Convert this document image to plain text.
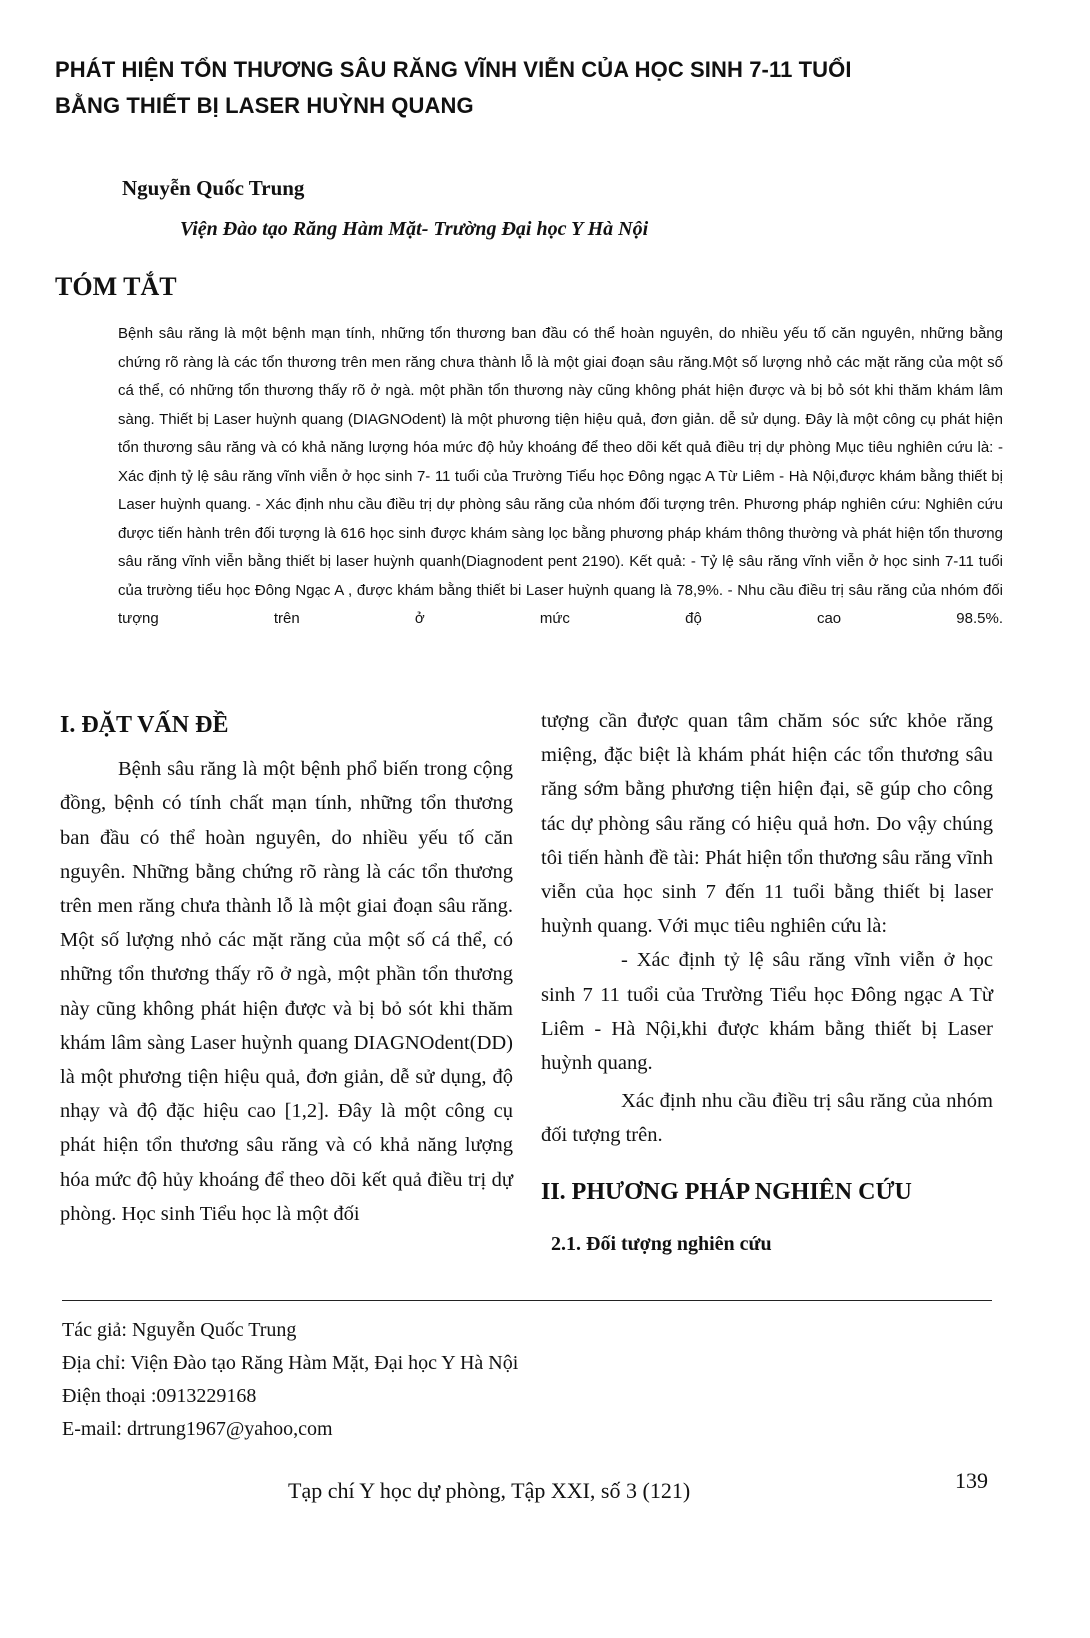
PHÁT HIỆN TỔN THƯƠNG SÂU RĂNG VĨNH VIỄN CỦA HỌC SINH 7-11 TUỔI
BẰNG THIẾT BỊ LASER HUỲNH QUANG

Nguyễn Quốc Trung

Viện Đào tạo Răng Hàm Mặt- Trường Đại học Y Hà Nội

TÓM TẮT

Bệnh sâu răng là một bệnh mạn tính, những tổn thương ban đầu có thể hoàn nguyên, do nhiều yếu tố căn nguyên, những bằng chứng rõ ràng là các tổn thương trên men răng chưa thành lỗ là một giai đoạn sâu răng.Một số lượng nhỏ các mặt răng của một số cá thể, có những tổn thương thấy rõ ở ngà. một phần tổn thương này cũng không phát hiện được và bị bỏ sót khi thăm khám lâm sàng. Thiết bị Laser huỳnh quang (DIAGNOdent) là một phương tiện hiệu quả, đơn giản. dễ sử dụng. Đây là một công cụ phát hiện tổn thương sâu răng và có khả năng lượng hóa mức độ hủy khoáng để theo dõi kết quả điều trị dự phòng Mục tiêu nghiên cứu là: - Xác định tỷ lệ sâu răng vĩnh viễn ở học sinh 7- 11 tuổi của Trường Tiểu học Đông ngạc A Từ Liêm - Hà Nội,được khám bằng thiết bị Laser huỳnh quang. - Xác định nhu cầu điều trị dự phòng sâu răng của nhóm đối tượng trên. Phương pháp nghiên cứu: Nghiên cứu được tiến hành trên đối tượng là 616 học sinh được khám sàng lọc bằng phương pháp khám thông thường và phát hiện tổn thương sâu răng vĩnh viễn bằng thiết bị laser huỳnh quanh(Diagnodent pent 2190). Kết quả: - Tỷ lệ sâu răng vĩnh viễn ở học sinh 7-11 tuổi của trường tiểu học Đông Ngạc A , được khám bằng thiết bi Laser huỳnh quang là 78,9%. - Nhu cầu điều trị sâu răng của nhóm đối tượng trên ở mức độ cao 98.5%.

I. ĐẶT VẤN ĐỀ

Bệnh sâu răng là một bệnh phổ biến trong cộng đồng, bệnh có tính chất mạn tính, những tổn thương ban đầu có thể hoàn nguyên, do nhiều yếu tố căn nguyên. Những bằng chứng rõ ràng là các tổn thương trên men răng chưa thành lỗ là một giai đoạn sâu răng. Một số lượng nhỏ các mặt răng của một số cá thể, có những tổn thương thấy rõ ở ngà, một phần tổn thương này cũng không phát hiện được và bị bỏ sót khi thăm khám lâm sàng Laser huỳnh quang DIAGNOdent(DD) là một phương tiện hiệu quả, đơn giản, dễ sử dụng, độ nhạy và độ đặc hiệu cao [1,2]. Đây là một công cụ phát hiện tổn thương sâu răng và có khả năng lượng hóa mức độ hủy khoáng để theo dõi kết quả điều trị dự phòng. Học sinh Tiểu học là một đối

tượng cần được quan tâm chăm sóc sức khỏe răng miệng, đặc biệt là khám phát hiện các tổn thương sâu răng sớm bằng phương tiện hiện đại, sẽ gúp cho công tác dự phòng sâu răng có hiệu quả hơn. Do vậy chúng tôi tiến hành đề tài: Phát hiện tổn thương sâu răng vĩnh viễn của học sinh 7 đến 11 tuổi bằng thiết bị laser huỳnh quang. Với mục tiêu nghiên cứu là:

- Xác định tỷ lệ sâu răng vĩnh viễn ở học sinh 7 11 tuổi của Trường Tiểu học Đông ngạc A Từ Liêm - Hà Nội,khi được khám bằng thiết bị Laser huỳnh quang.

Xác định nhu cầu điều trị sâu răng của nhóm đối tượng trên.

II. PHƯƠNG PHÁP NGHIÊN CỨU
2.1. Đối tượng nghiên cứu
Tác giả: Nguyễn Quốc Trung
Địa chỉ: Viện Đào tạo Răng Hàm Mặt, Đại học Y Hà Nội
Điện thoại :0913229168
E-mail: drtrung1967@yahoo,com

Tạp chí Y học dự phòng, Tập XXI, số 3 (121)	139
